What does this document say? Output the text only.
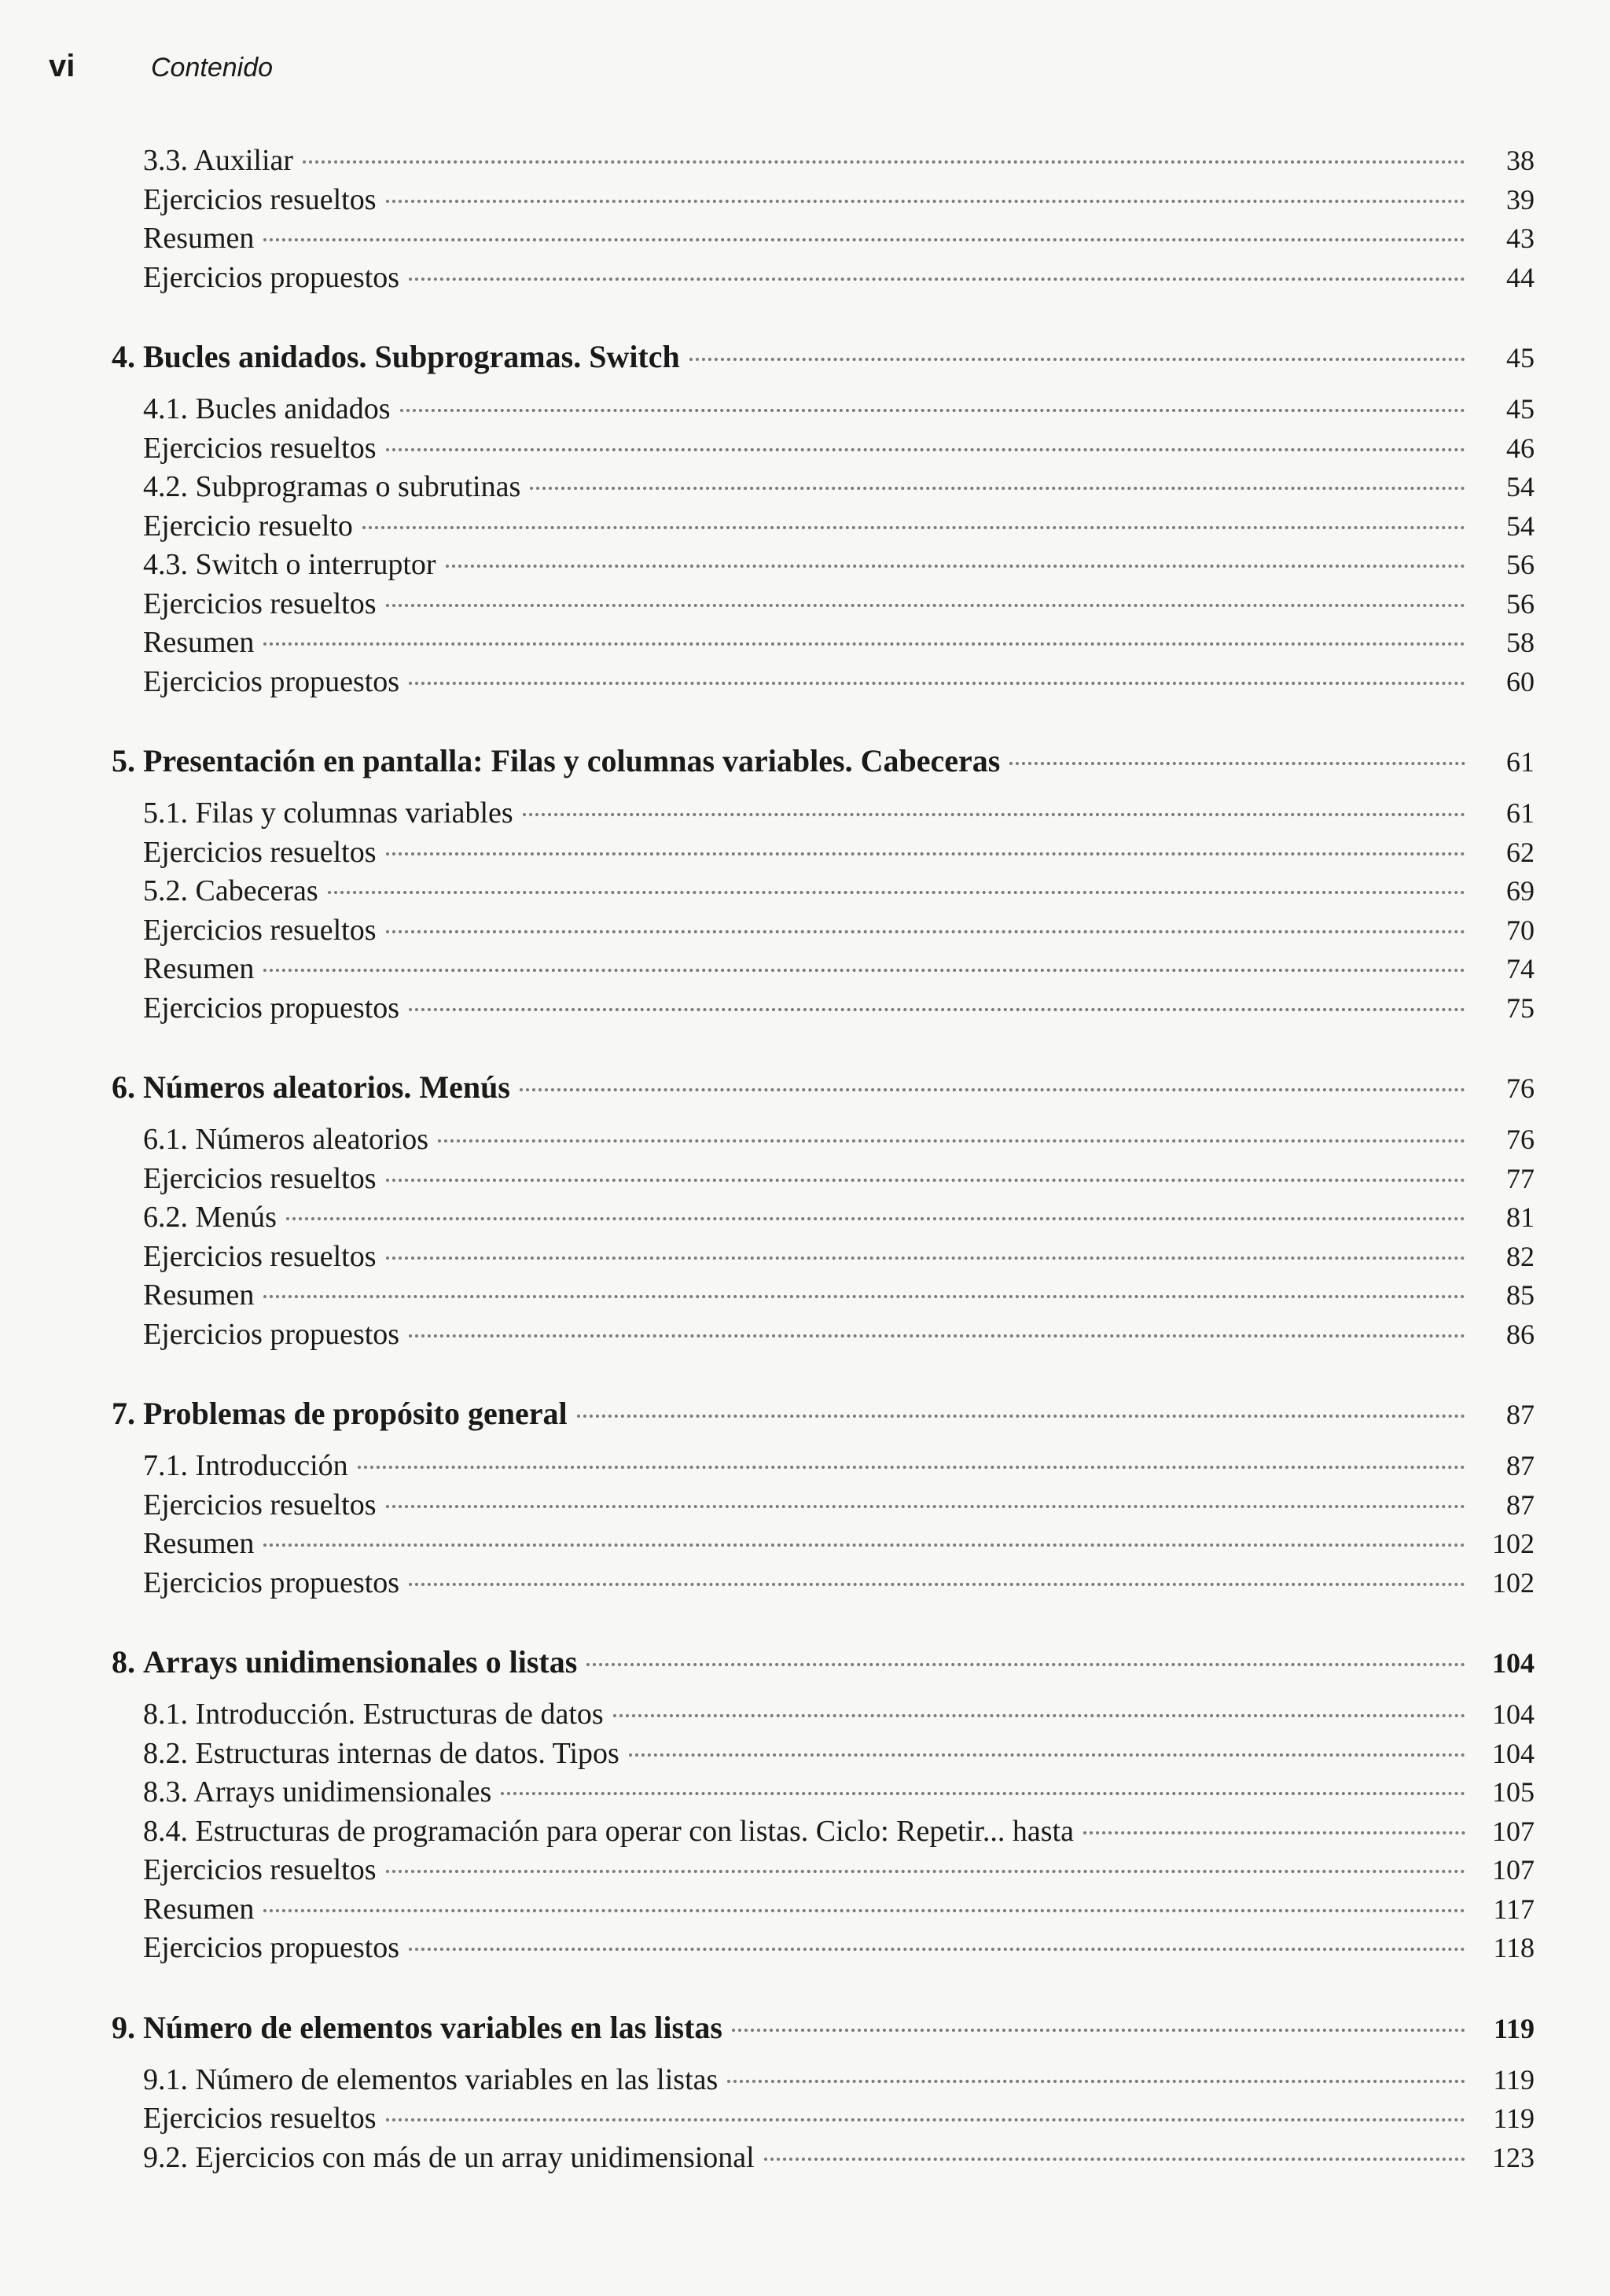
vi	Contenido
3.3. Auxiliar	38
Ejercicios resueltos	39
Resumen	43
Ejercicios propuestos	44
4. Bucles anidados. Subprogramas. Switch	45
4.1. Bucles anidados	45
Ejercicios resueltos	46
4.2. Subprogramas o subrutinas	54
Ejercicio resuelto	54
4.3. Switch o interruptor	56
Ejercicios resueltos	56
Resumen	58
Ejercicios propuestos	60
5. Presentación en pantalla: Filas y columnas variables. Cabeceras	61
5.1. Filas y columnas variables	61
Ejercicios resueltos	62
5.2. Cabeceras	69
Ejercicios resueltos	70
Resumen	74
Ejercicios propuestos	75
6. Números aleatorios. Menús	76
6.1. Números aleatorios	76
Ejercicios resueltos	77
6.2. Menús	81
Ejercicios resueltos	82
Resumen	85
Ejercicios propuestos	86
7. Problemas de propósito general	87
7.1. Introducción	87
Ejercicios resueltos	87
Resumen	102
Ejercicios propuestos	102
8. Arrays unidimensionales o listas	104
8.1. Introducción. Estructuras de datos	104
8.2. Estructuras internas de datos. Tipos	104
8.3. Arrays unidimensionales	105
8.4. Estructuras de programación para operar con listas. Ciclo: Repetir... hasta	107
Ejercicios resueltos	107
Resumen	117
Ejercicios propuestos	118
9. Número de elementos variables en las listas	119
9.1. Número de elementos variables en las listas	119
Ejercicios resueltos	119
9.2. Ejercicios con más de un array unidimensional	123
